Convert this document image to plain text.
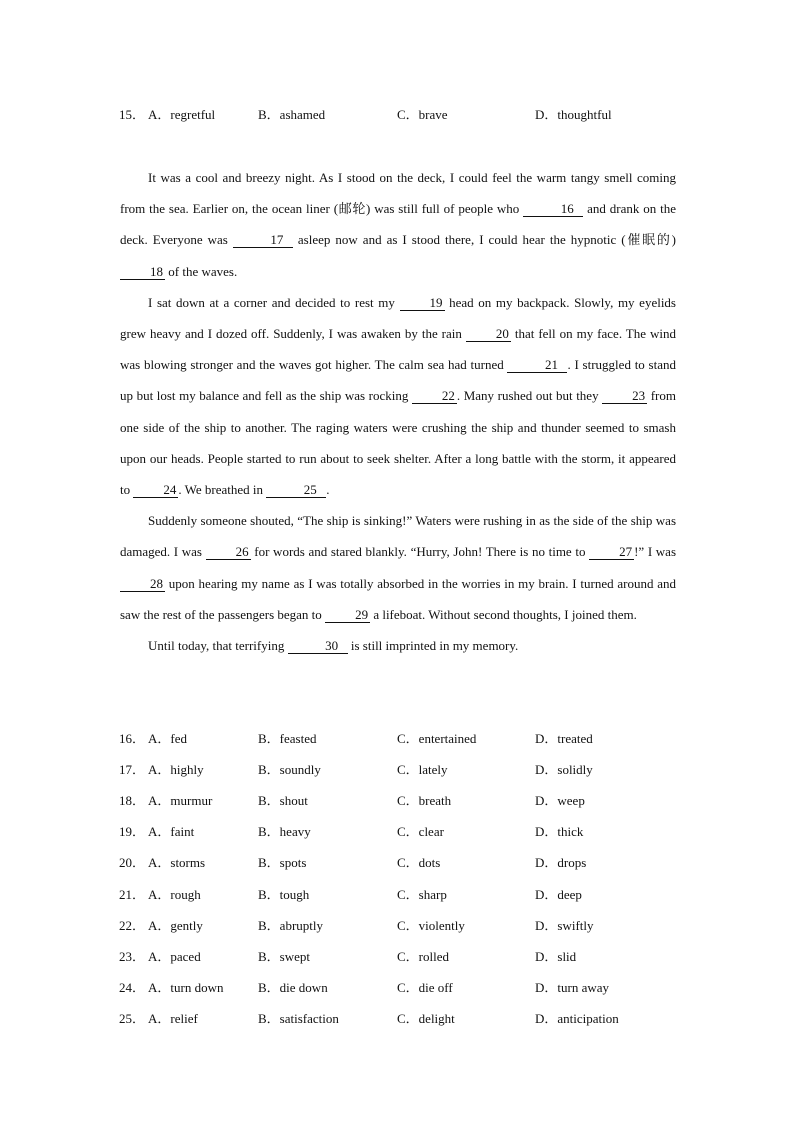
15． A．regretful	B．ashamed	C．brave	D．thoughtful

It was a cool and breezy night. As I stood on the deck, I could feel the warm tangy smell coming from the sea. Earlier on, the ocean liner (邮轮) was still full of people who	16 and drank on the deck. Everyone was	17 asleep now and as I stood there, I could hear the hypnotic (催眠的) 18 of the waves.

I sat down at a corner and decided to rest my 19 head on my backpack. Slowly, my eyelids grew heavy and I dozed off. Suddenly, I was awaken by the rain 20 that fell on my face. The wind was blowing stronger and the waves got higher. The calm sea had turned	21 . I struggled to stand up but lost my balance and fell as the ship was rocking 22 . Many rushed out but they 23 from one side of the ship to another. The raging waters were crushing the ship and thunder seemed to smash upon our heads. People started to run about to seek shelter. After a long battle with the storm, it appeared to 24 . We breathed in	25 .

Suddenly someone shouted, “The ship is sinking!” Waters were rushing in as the side of the ship was damaged. I was 26 for words and stared blankly. “Hurry, John! There is no time to 27 !” I was 28 upon hearing my name as I was totally absorbed in the worries in my brain. I turned around and saw the rest of the passengers began to 29 a lifeboat. Without second thoughts, I joined them.

Until today, that terrifying	30 is still imprinted in my memory.

16． A．fed	B．feasted	C．entertained	D．treated
17． A．highly	B．soundly	C．lately	D．solidly
18． A．murmur	B．shout	C．breath	D．weep
19． A．faint	B．heavy	C．clear	D．thick
20． A．storms	B．spots	C．dots	D．drops
21． A．rough	B．tough	C．sharp	D．deep
22． A．gently	B．abruptly	C．violently	D．swiftly
23． A．paced	B．swept	C．rolled	D．slid
24． A．turn down	B．die down	C．die off	D．turn away
25． A．relief	B．satisfaction	C．delight	D．anticipation
